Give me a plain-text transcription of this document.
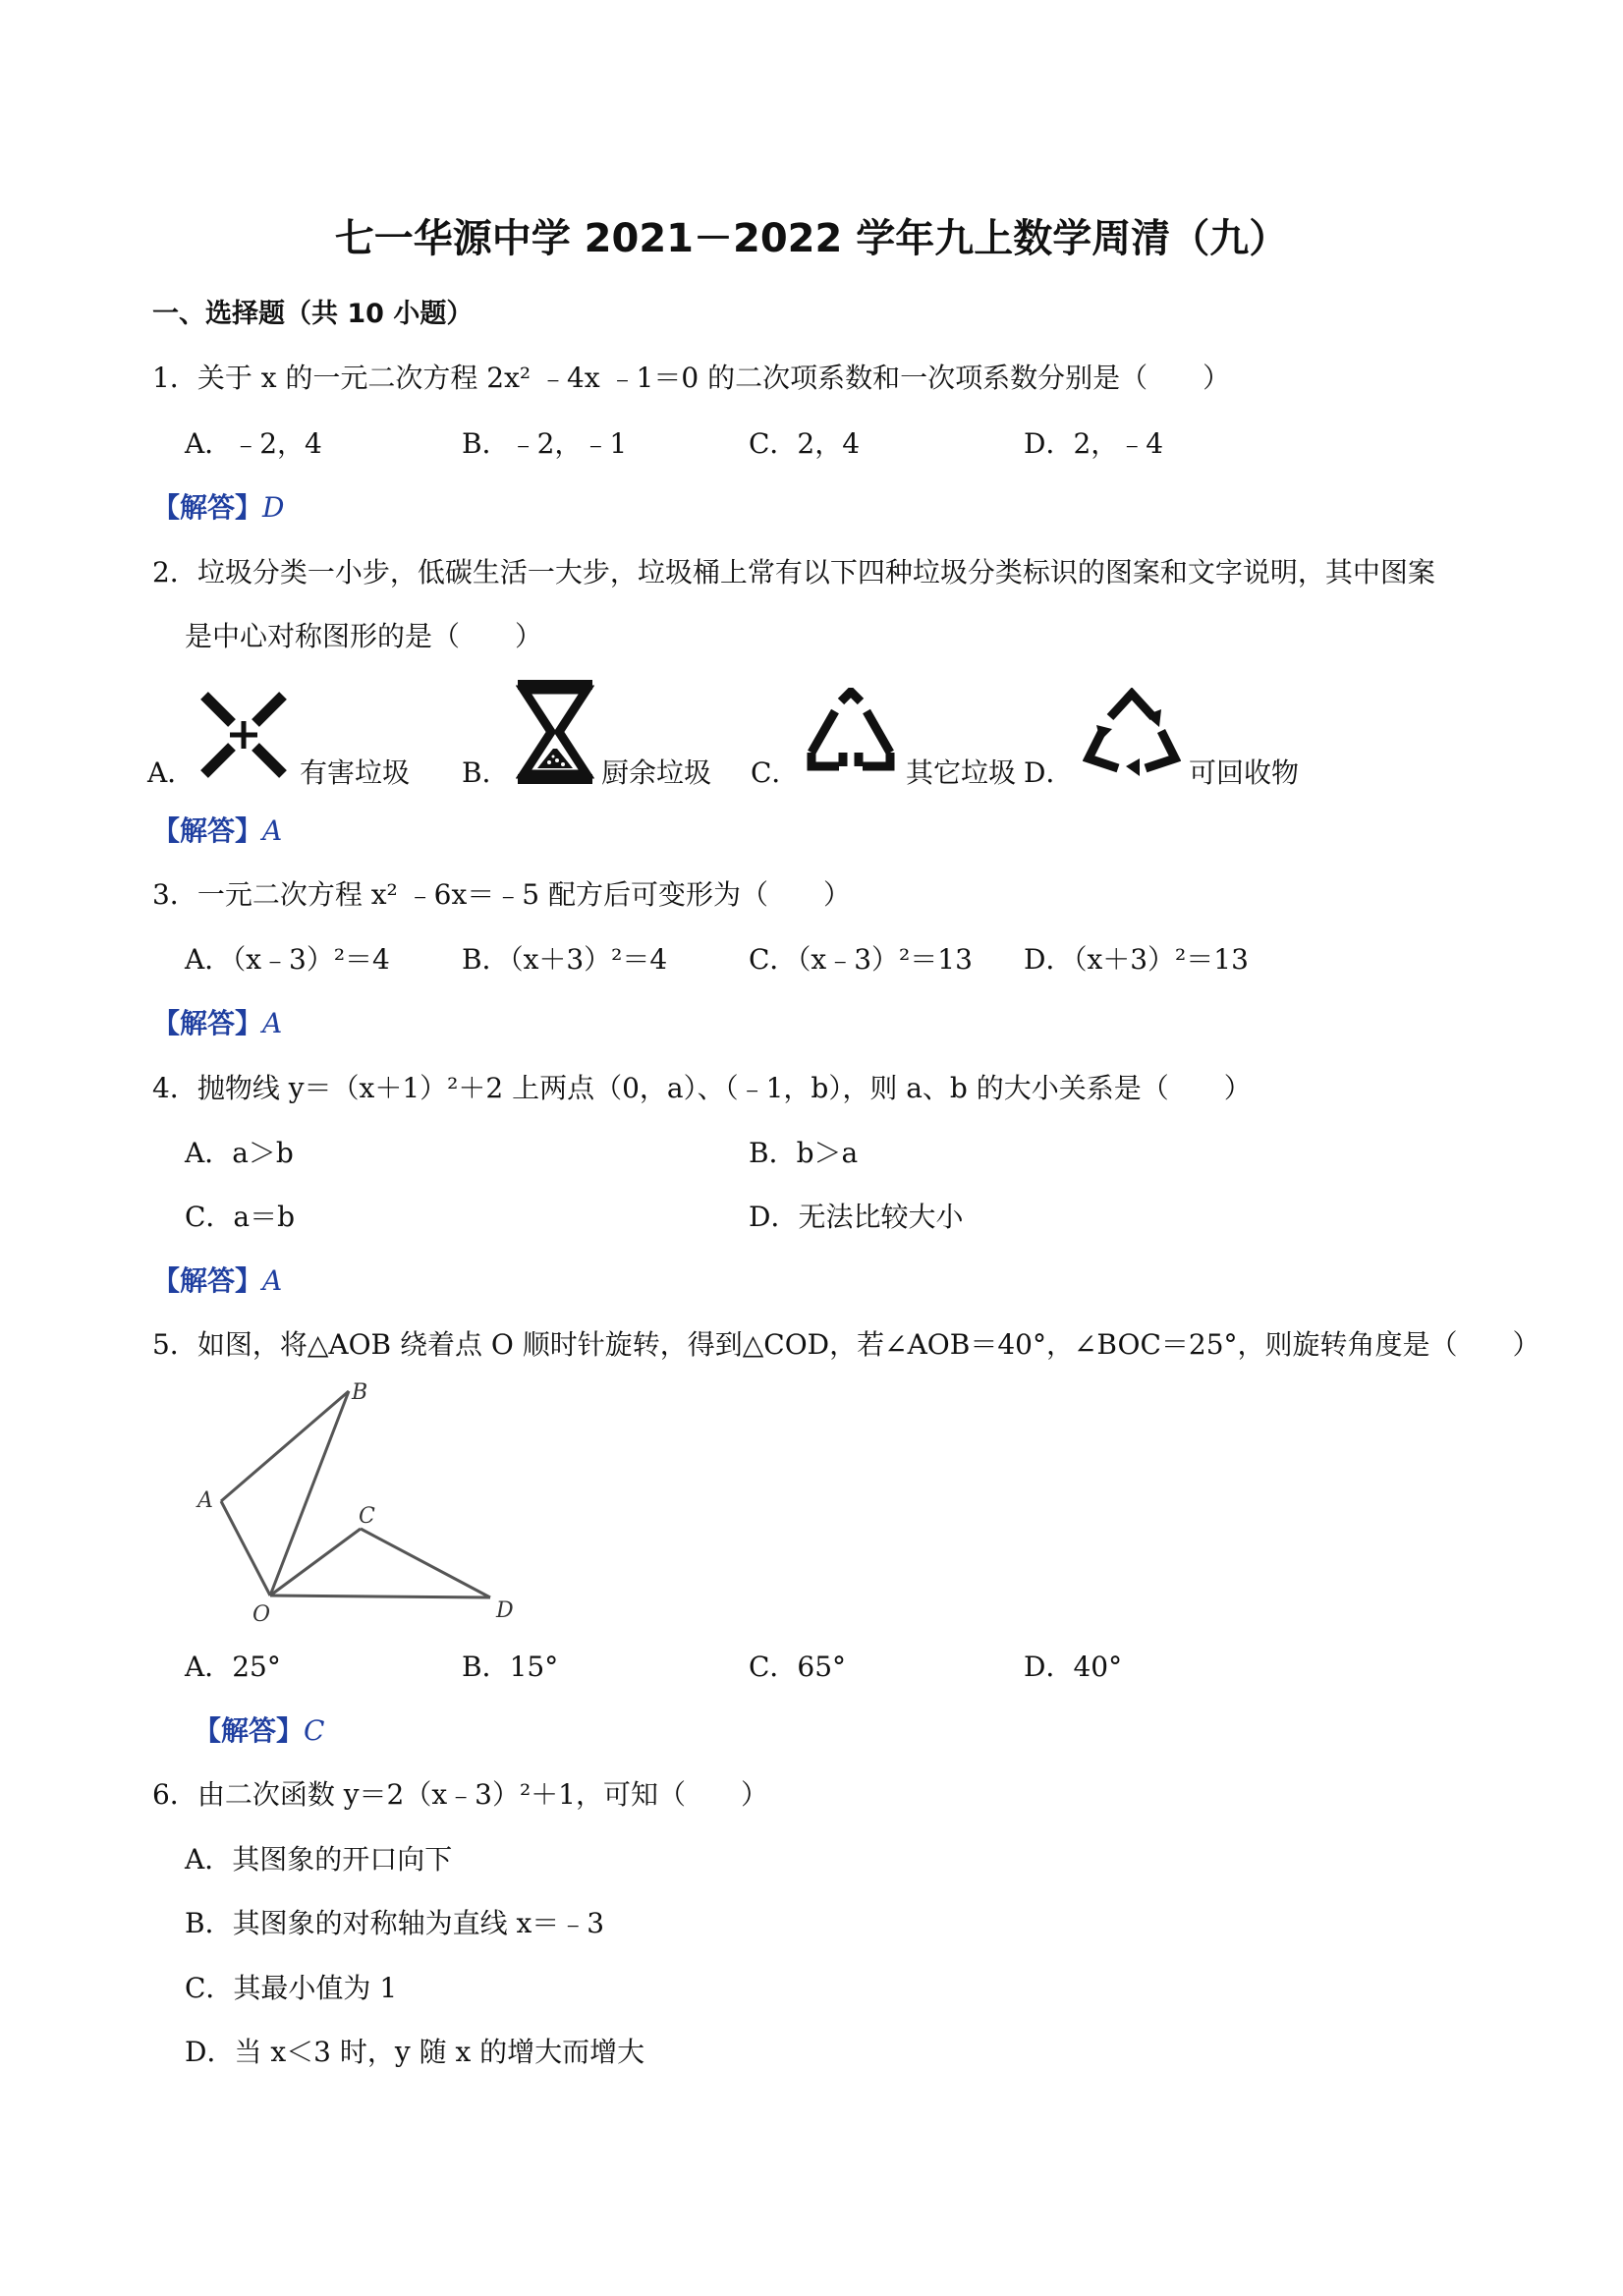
七一华源中学 2021－2022 学年九上数学周清（九）
一、选择题（共 10 小题）
1．关于 x 的一元二次方程 2x² ﹣4x ﹣1＝0 的二次项系数和一次项系数分别是（　　）
A．﹣2，4	B．﹣2，﹣1	C．2，4	D．2，﹣4
【解答】D
2．垃圾分类一小步，低碳生活一大步，垃圾桶上常有以下四种垃圾分类标识的图案和文字说明，其中图案
是中心对称图形的是（　　）
A．	有害垃圾 B．	厨余垃圾 C．	其它垃圾 D．	可回收物
【解答】A
3．一元二次方程 x² ﹣6x＝﹣5 配方后可变形为（　　）
A．（x﹣3）²＝4	B．（x＋3）²＝4	C．（x﹣3）²＝13 D．（x＋3）²＝13
【解答】A
4．抛物线 y＝（x＋1）²＋2 上两点（0，a）、（﹣1，b），则 a、b 的大小关系是（　　）
A．a＞b	B．b＞a
C．a＝b	D．无法比较大小
【解答】A
5．如图，将△AOB 绕着点 O 顺时针旋转，得到△COD，若∠AOB＝40°，∠BOC＝25°，则旋转角度是（　　）
A
B
C
D
O
A．25°	B．15°	C．65°	D．40°
【解答】C
6．由二次函数 y＝2（x﹣3）²＋1，可知（　　）
A．其图象的开口向下
B．其图象的对称轴为直线 x＝﹣3
C．其最小值为 1
D．当 x＜3 时，y 随 x 的增大而增大
